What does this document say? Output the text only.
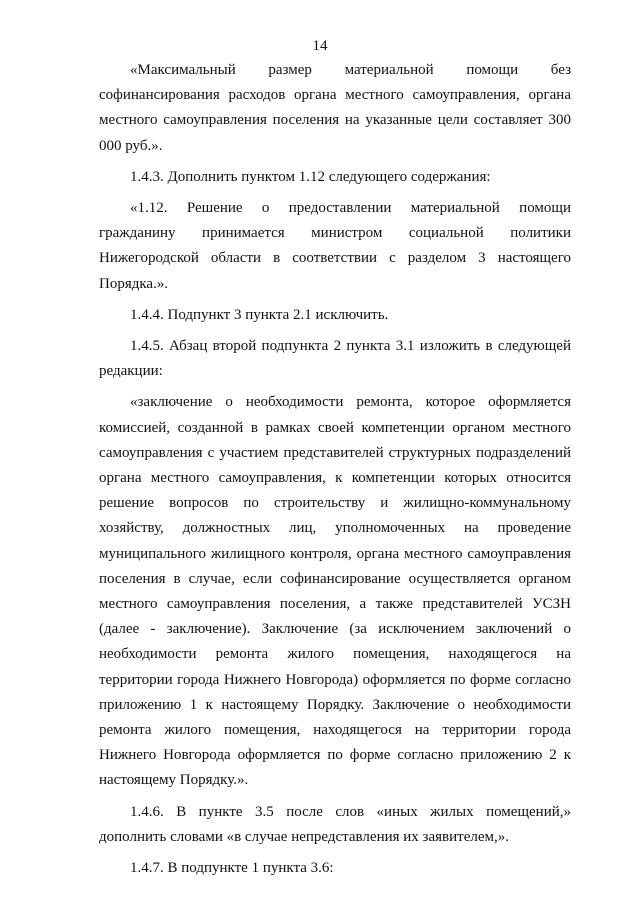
14

«Максимальный размер материальной помощи без софинансирования расходов органа местного самоуправления, органа местного самоуправления поселения на указанные цели составляет 300 000 руб.».

1.4.3. Дополнить пунктом 1.12 следующего содержания:

«1.12. Решение о предоставлении материальной помощи гражданину принимается министром социальной политики Нижегородской области в соответствии с разделом 3 настоящего Порядка.».

1.4.4. Подпункт 3 пункта 2.1 исключить.

1.4.5. Абзац второй подпункта 2 пункта 3.1 изложить в следующей редакции:

«заключение о необходимости ремонта, которое оформляется комиссией, созданной в рамках своей компетенции органом местного самоуправления с участием представителей структурных подразделений органа местного самоуправления, к компетенции которых относится решение вопросов по строительству и жилищно-коммунальному хозяйству, должностных лиц, уполномоченных на проведение муниципального жилищного контроля, органа местного самоуправления поселения в случае, если софинансирование осуществляется органом местного самоуправления поселения, а также представителей УСЗН (далее - заключение). Заключение (за исключением заключений о необходимости ремонта жилого помещения, находящегося на территории города Нижнего Новгорода) оформляется по форме согласно приложению 1 к настоящему Порядку. Заключение о необходимости ремонта жилого помещения, находящегося на территории города Нижнего Новгорода оформляется по форме согласно приложению 2 к настоящему Порядку.».

1.4.6. В пункте 3.5 после слов «иных жилых помещений,» дополнить словами «в случае непредставления их заявителем,».

1.4.7. В подпункте 1 пункта 3.6:
